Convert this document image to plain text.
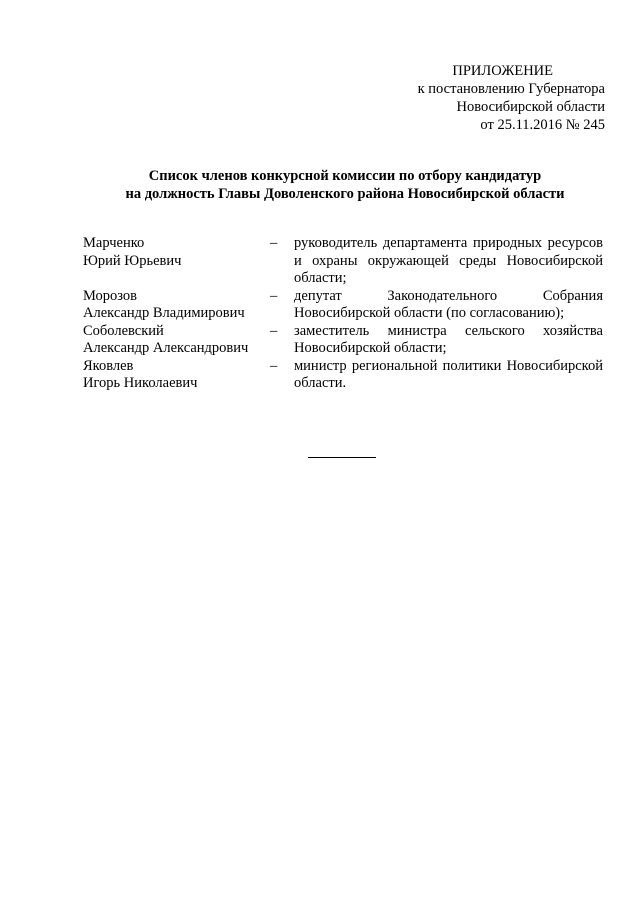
ПРИЛОЖЕНИЕ
к постановлению Губернатора
Новосибирской области
от 25.11.2016 № 245
Список членов конкурсной комиссии по отбору кандидатур
на должность Главы Доволенского района Новосибирской области
Марченко
Юрий Юрьевич
– руководитель департамента природных ресурсов и охраны окружающей среды Новосибирской области;
Морозов
Александр Владимирович
– депутат Законодательного Собрания Новосибирской области (по согласованию);
Соболевский
Александр Александрович
– заместитель министра сельского хозяйства Новосибирской области;
Яковлев
Игорь Николаевич
– министр региональной политики Новосибирской области.
